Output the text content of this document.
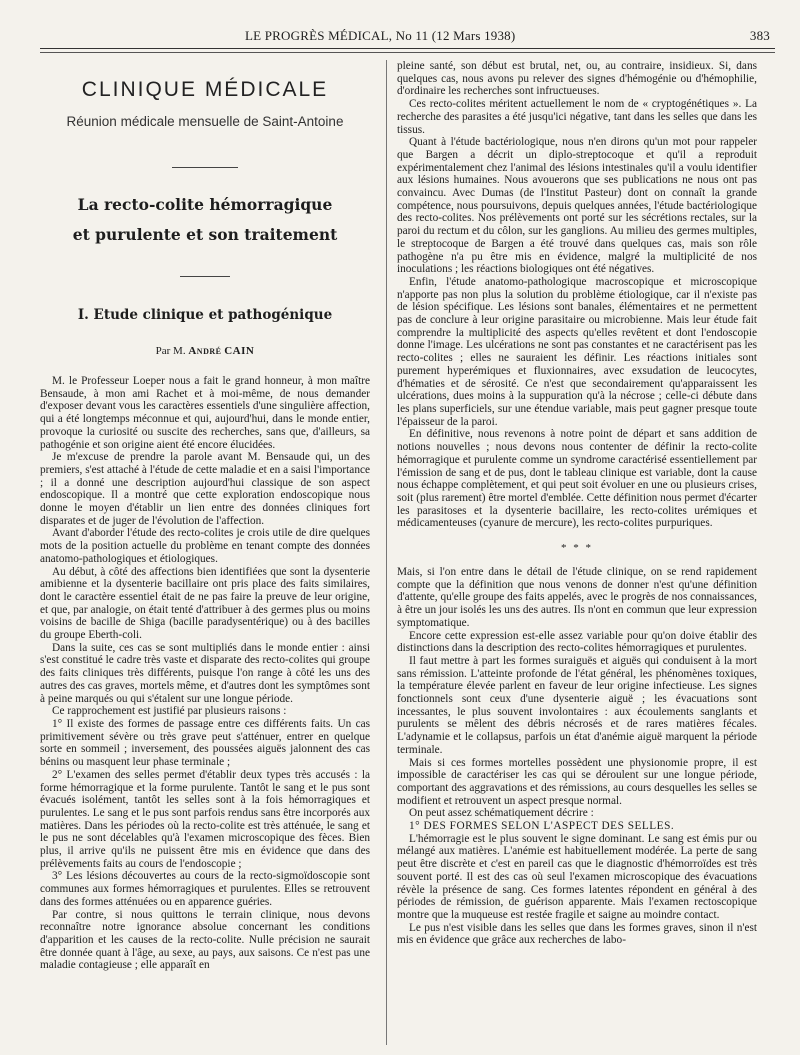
LE PROGRÈS MÉDICAL, No 11 (12 Mars 1938)	383
CLINIQUE MÉDICALE
Réunion médicale mensuelle de Saint-Antoine
La recto-colite hémorragique
et purulente et son traitement
I. Etude clinique et pathogénique
Par M. André CAIN

M. le Professeur Loeper nous a fait le grand honneur, à mon maître Bensaude, à mon ami Rachet et à moi-même, de nous demander d'exposer devant vous les caractères essentiels d'une singulière affection, qui a été longtemps méconnue et qui, aujourd'hui, dans le monde entier, provoque la curiosité ou suscite des recherches, sans que, d'ailleurs, sa pathogénie et son origine aient été encore élucidées.

Je m'excuse de prendre la parole avant M. Bensaude qui, un des premiers, s'est attaché à l'étude de cette maladie et en a saisi l'importance ; il a donné une description aujourd'hui classique de son aspect endoscopique. Il a montré que cette exploration endoscopique nous donne le moyen d'établir un lien entre des données cliniques fort disparates et de juger de l'évolution de l'affection.

Avant d'aborder l'étude des recto-colites je crois utile de dire quelques mots de la position actuelle du problème en tenant compte des données anatomo-pathologiques et étiologiques.

Au début, à côté des affections bien identifiées que sont la dysenterie amibienne et la dysenterie bacillaire ont pris place des faits similaires, dont le caractère essentiel était de ne pas faire la preuve de leur origine, et que, par analogie, on était tenté d'attribuer à des germes plus ou moins voisins de bacille de Shiga (bacille paradysentérique) ou à des bacilles du groupe Eberth-coli.

Dans la suite, ces cas se sont multipliés dans le monde entier : ainsi s'est constitué le cadre très vaste et disparate des recto-colites qui groupe des faits cliniques très différents, puisque l'on range à côté les uns des autres des cas graves, mortels même, et d'autres dont les symptômes sont à peine marqués ou qui s'étalent sur une longue période.

Ce rapprochement est justifié par plusieurs raisons :

1° Il existe des formes de passage entre ces différents faits. Un cas primitivement sévère ou très grave peut s'atténuer, entrer en quelque sorte en sommeil ; inversement, des poussées aiguës jalonnent des cas bénins ou masquent leur phase terminale ;

2° L'examen des selles permet d'établir deux types très accusés : la forme hémorragique et la forme purulente. Tantôt le sang et le pus sont évacués isolément, tantôt les selles sont à la fois hémorragiques et purulentes. Le sang et le pus sont parfois rendus sans être incorporés aux matières. Dans les périodes où la recto-colite est très atténuée, le sang et le pus ne sont décelables qu'à l'examen microscopique des fèces. Bien plus, il arrive qu'ils ne puissent être mis en évidence que dans des prélèvements faits au cours de l'endoscopie ;

3° Les lésions découvertes au cours de la recto-sigmoïdoscopie sont communes aux formes hémorragiques et purulentes. Elles se retrouvent dans des formes atténuées ou en apparence guéries.

Par contre, si nous quittons le terrain clinique, nous devons reconnaître notre ignorance absolue concernant les conditions d'apparition et les causes de la recto-colite. Nulle précision ne saurait être donnée quant à l'âge, au sexe, au pays, aux saisons. Ce n'est pas une maladie contagieuse ; elle apparaît en

pleine santé, son début est brutal, net, ou, au contraire, insidieux. Si, dans quelques cas, nous avons pu relever des signes d'hémogénie ou d'hémophilie, d'ordinaire les recherches sont infructueuses.

Ces recto-colites méritent actuellement le nom de « cryptogénétiques ». La recherche des parasites a été jusqu'ici négative, tant dans les selles que dans les tissus.

Quant à l'étude bactériologique, nous n'en dirons qu'un mot pour rappeler que Bargen a décrit un diplo-streptocoque et qu'il a reproduit expérimentalement chez l'animal des lésions intestinales qu'il a voulu identifier aux lésions humaines. Nous avouerons que ses publications ne nous ont pas convaincu. Avec Dumas (de l'Institut Pasteur) dont on connaît la grande compétence, nous poursuivons, depuis quelques années, l'étude bactériologique des recto-colites. Nos prélèvements ont porté sur les sécrétions rectales, sur la paroi du rectum et du côlon, sur les ganglions. Au milieu des germes multiples, le streptocoque de Bargen a été trouvé dans quelques cas, mais son rôle pathogène n'a pu être mis en évidence, malgré la multiplicité de nos inoculations ; les réactions biologiques ont été négatives.

Enfin, l'étude anatomo-pathologique macroscopique et microscopique n'apporte pas non plus la solution du problème étiologique, car il n'existe pas de lésion spécifique. Les lésions sont banales, élémentaires et ne permettent pas de conclure à leur origine parasitaire ou microbienne. Mais leur étude fait comprendre la multiplicité des aspects qu'elles revêtent et dont l'endoscopie donne l'image. Les ulcérations ne sont pas constantes et ne caractérisent pas les recto-colites ; elles ne sauraient les définir. Les réactions initiales sont purement hyperémiques et fluxionnaires, avec exsudation de leucocytes, d'hématies et de sérosité. Ce n'est que secondairement qu'apparaissent les ulcérations, dues moins à la suppuration qu'à la nécrose ; celle-ci débute dans les plans superficiels, sur une étendue variable, mais peut gagner presque toute l'épaisseur de la paroi.

En définitive, nous revenons à notre point de départ et sans addition de notions nouvelles ; nous devons nous contenter de définir la recto-colite hémorragique et purulente comme un syndrome caractérisé essentiellement par l'émission de sang et de pus, dont le tableau clinique est variable, dont la cause nous échappe complètement, et qui peut soit évoluer en une ou plusieurs crises, soit (plus rarement) être mortel d'emblée. Cette définition nous permet d'écarter les parasitoses et la dysenterie bacillaire, les recto-colites urémiques et médicamenteuses (cyanure de mercure), les recto-colites purpuriques.

* * *

Mais, si l'on entre dans le détail de l'étude clinique, on se rend rapidement compte que la définition que nous venons de donner n'est qu'une définition d'attente, qu'elle groupe des faits appelés, avec le progrès de nos connaissances, à être un jour isolés les uns des autres. Ils n'ont en commun que leur expression symptomatique.

Encore cette expression est-elle assez variable pour qu'on doive établir des distinctions dans la description des recto-colites hémorragiques et purulentes.

Il faut mettre à part les formes suraiguës et aiguës qui conduisent à la mort sans rémission. L'atteinte profonde de l'état général, les phénomènes toxiques, la température élevée parlent en faveur de leur origine infectieuse. Les signes fonctionnels sont ceux d'une dysenterie aiguë ; les évacuations sont incessantes, le plus souvent involontaires : aux écoulements sanglants et purulents se mêlent des débris nécrosés et de rares matières fécales. L'adynamie et le collapsus, parfois un état d'anémie aiguë marquent la période terminale.

Mais si ces formes mortelles possèdent une physionomie propre, il est impossible de caractériser les cas qui se déroulent sur une longue période, comportant des aggravations et des rémissions, au cours desquelles les selles se modifient et retrouvent un aspect presque normal.

On peut assez schématiquement décrire :

1° DES FORMES SELON L'ASPECT DES SELLES.

L'hémorragie est le plus souvent le signe dominant. Le sang est émis pur ou mélangé aux matières. L'anémie est habituellement modérée. La perte de sang peut être discrète et c'est en pareil cas que le diagnostic d'hémorroïdes est très souvent porté. Il est des cas où seul l'examen microscopique des évacuations révèle la présence de sang. Ces formes latentes répondent en général à des périodes de rémission, de guérison apparente. Mais l'examen rectoscopique montre que la muqueuse est restée fragile et saigne au moindre contact.

Le pus n'est visible dans les selles que dans les formes graves, sinon il n'est mis en évidence que grâce aux recherches de labo-
